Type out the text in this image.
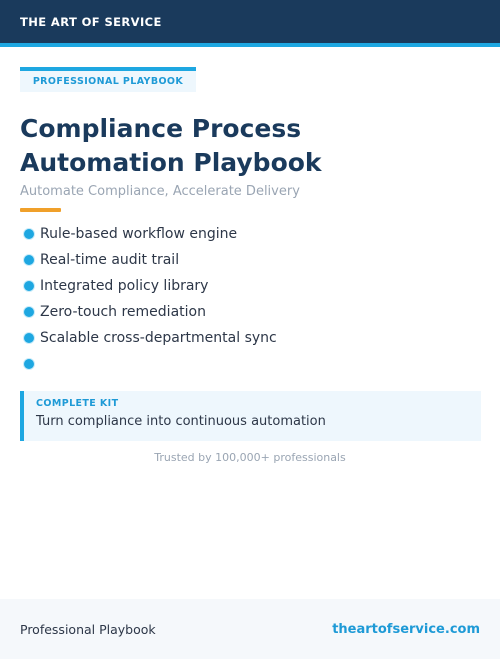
THE ART OF SERVICE
PROFESSIONAL PLAYBOOK
Compliance Process Automation Playbook
Automate Compliance, Accelerate Delivery
Rule-based workflow engine
Real-time audit trail
Integrated policy library
Zero-touch remediation
Scalable cross-departmental sync
COMPLETE KIT
Turn compliance into continuous automation
Trusted by 100,000+ professionals
Professional Playbook	theartofservice.com
